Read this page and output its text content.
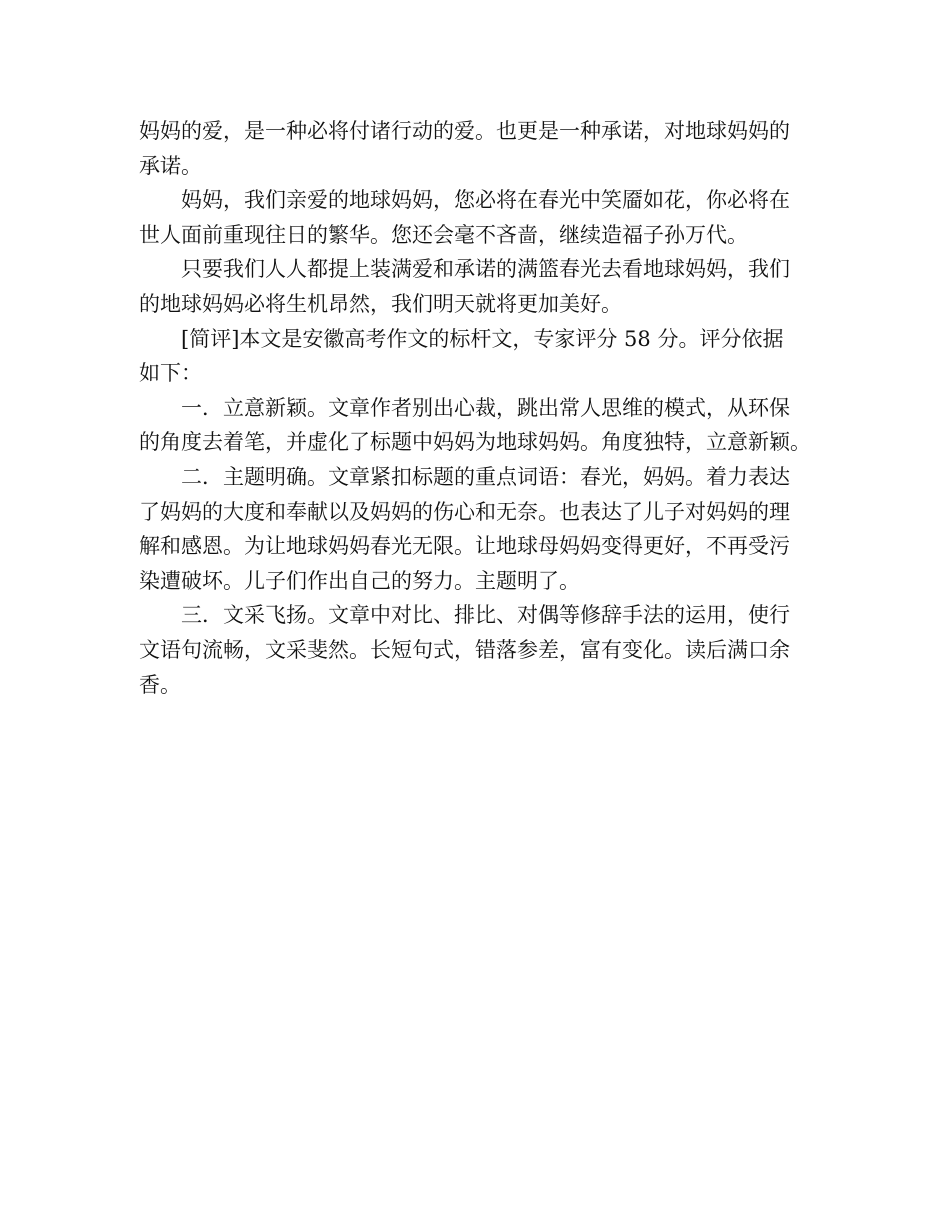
妈妈的爱，是一种必将付诸行动的爱。也更是一种承诺，对地球妈妈的
承诺。

妈妈，我们亲爱的地球妈妈，您必将在春光中笑靥如花，你必将在
世人面前重现往日的繁华。您还会毫不吝啬，继续造福子孙万代。

只要我们人人都提上装满爱和承诺的满篮春光去看地球妈妈，我们
的地球妈妈必将生机昂然，我们明天就将更加美好。

[简评]本文是安徽高考作文的标杆文，专家评分 58 分。评分依据
如下：

一．立意新颖。文章作者别出心裁，跳出常人思维的模式，从环保
的角度去着笔，并虚化了标题中妈妈为地球妈妈。角度独特，立意新颖。

二．主题明确。文章紧扣标题的重点词语：春光，妈妈。着力表达
了妈妈的大度和奉献以及妈妈的伤心和无奈。也表达了儿子对妈妈的理
解和感恩。为让地球妈妈春光无限。让地球母妈妈变得更好，不再受污
染遭破坏。儿子们作出自己的努力。主题明了。

三．文采飞扬。文章中对比、排比、对偶等修辞手法的运用，使行
文语句流畅，文采斐然。长短句式，错落参差，富有变化。读后满口余
香。
